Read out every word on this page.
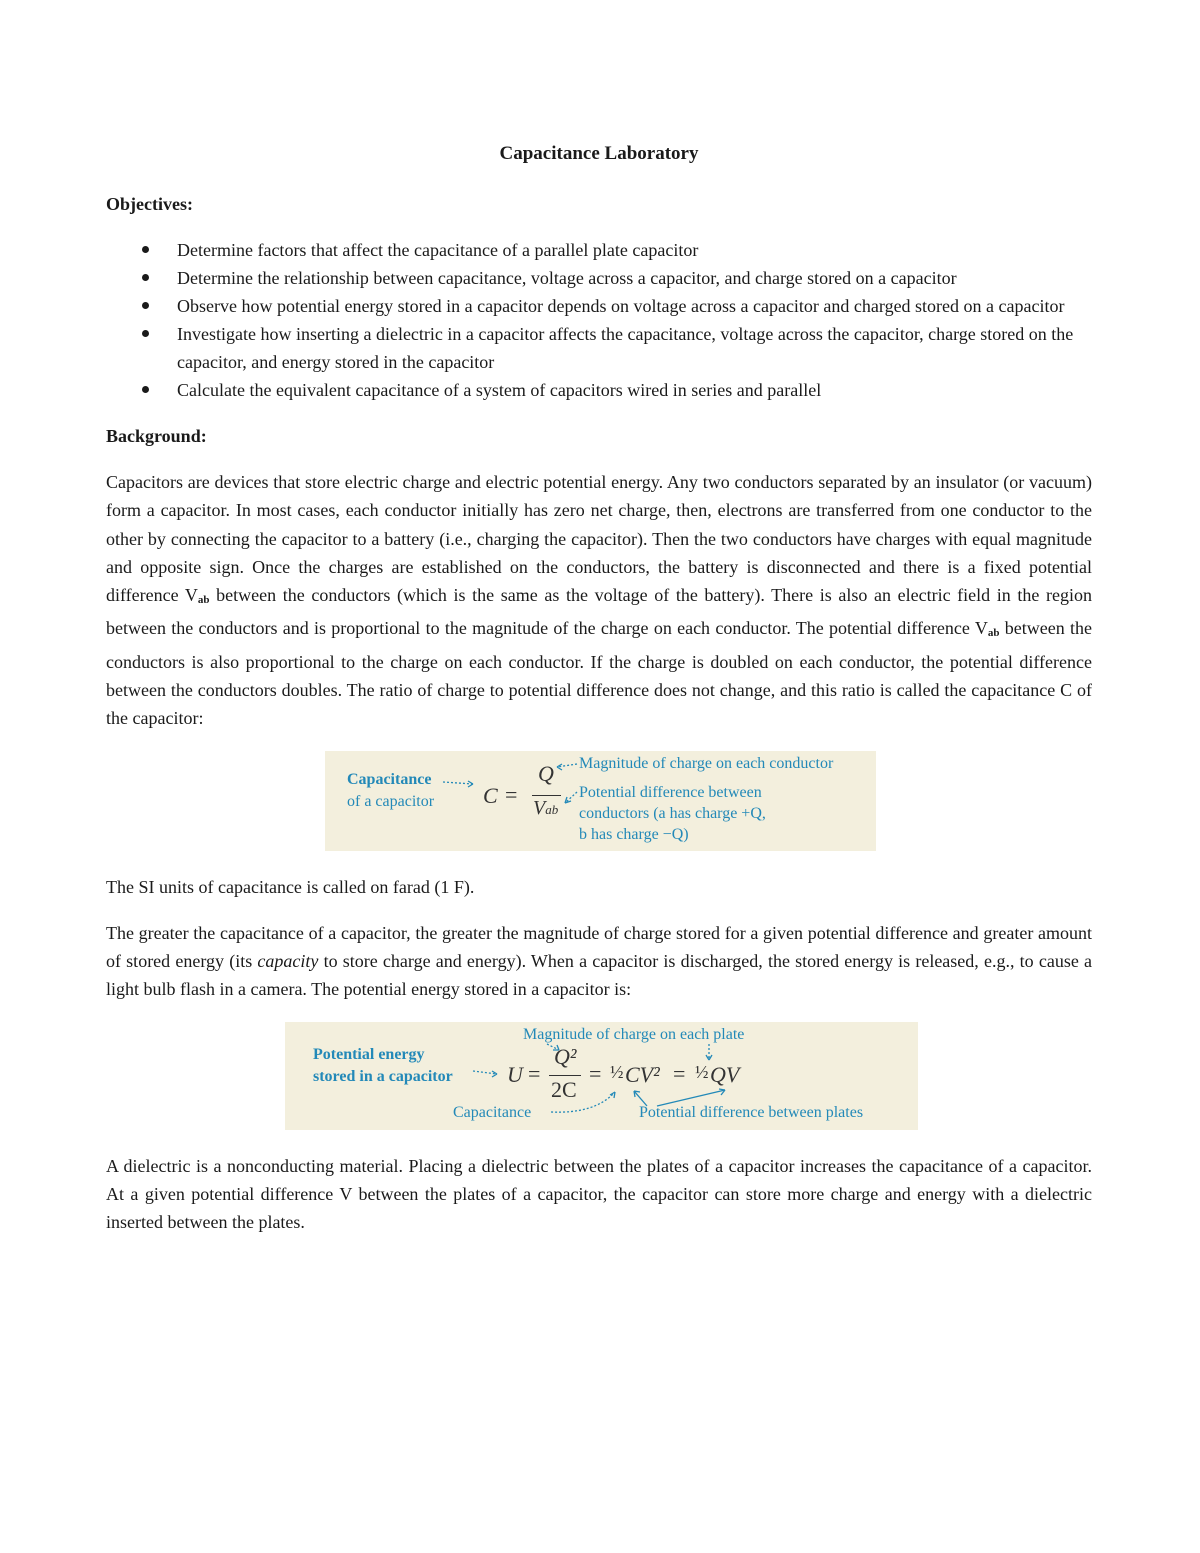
Capacitance Laboratory
Objectives:
Determine factors that affect the capacitance of a parallel plate capacitor
Determine the relationship between capacitance, voltage across a capacitor, and charge stored on a capacitor
Observe how potential energy stored in a capacitor depends on voltage across a capacitor and charged stored on a capacitor
Investigate how inserting a dielectric in a capacitor affects the capacitance, voltage across the capacitor, charge stored on the capacitor, and energy stored in the capacitor
Calculate the equivalent capacitance of a system of capacitors wired in series and parallel
Background:

Capacitors are devices that store electric charge and electric potential energy. Any two conductors separated by an insulator (or vacuum) form a capacitor. In most cases, each conductor initially has zero net charge, then, electrons are transferred from one conductor to the other by connecting the capacitor to a battery (i.e., charging the capacitor). Then the two conductors have charges with equal magnitude and opposite sign. Once the charges are established on the conductors, the battery is disconnected and there is a fixed potential difference Vab between the conductors (which is the same as the voltage of the battery). There is also an electric field in the region between the conductors and is proportional to the magnitude of the charge on each conductor. The potential difference Vab between the conductors is also proportional to the charge on each conductor. If the charge is doubled on each conductor, the potential difference between the conductors doubles. The ratio of charge to potential difference does not change, and this ratio is called the capacitance C of the capacitor:

Capacitance
of a capacitor C =
Q
Vab
Magnitude of charge on each conductor
Potential difference between
conductors (a has charge +Q,
b has charge −Q)

The SI units of capacitance is called on farad (1 F).

The greater the capacitance of a capacitor, the greater the magnitude of charge stored for a given potential difference and greater amount of stored energy (its capacity to store charge and energy). When a capacitor is discharged, the stored energy is released, e.g., to cause a light bulb flash in a camera. The potential energy stored in a capacitor is:

Potential energy
stored in a capacitor U =
Q²
2C
= ½ CV² = ½ QV
Magnitude of charge on each plate
Capacitance	Potential difference between plates

A dielectric is a nonconducting material. Placing a dielectric between the plates of a capacitor increases the capacitance of a capacitor. At a given potential difference V between the plates of a capacitor, the capacitor can store more charge and energy with a dielectric inserted between the plates.
